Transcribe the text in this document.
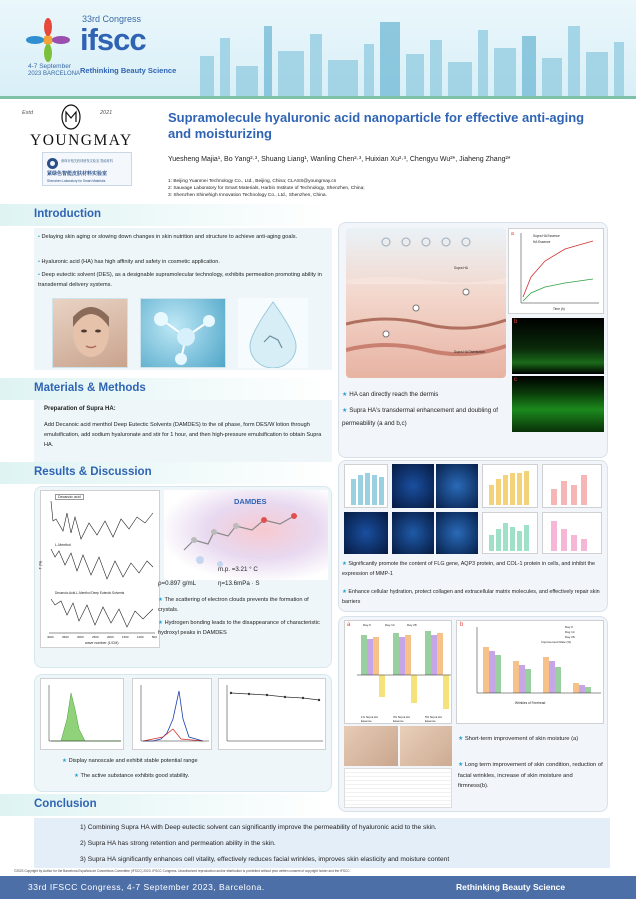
33rd Congress
ifscc
4-7 September
2023 BARCELONA Rethinking Beauty Science
Estd	2021
YOUNGMAY
深圳市相关药材研发实验室 智能材料
紧绿色智能皮肤材料实验室
Shenzhen Laboratory for Smart Materials
Supramolecule hyaluronic acid nanoparticle for effective anti-aging and moisturizing
Yuesheng Majia¹, Bo Yang²·³, Shuang Liang¹, Wanling Chen²·³, Huixian Xu²·³, Chengyu Wu²*, Jiaheng Zhang²*
1: Beijing Yuanmei Technology Co., Ltd., Beijing, China; CLASS@youngmay.cn
2: Sauvage Laboratory for Smart Materials, Harbin Institute of Technology, Shenzhen, China;
3: Shenzhen Shinehigh Innovation Technology Co., Ltd., Shenzhen, China.
Introduction
• Delaying skin aging or slowing down changes in skin nutrition and structure to achieve anti-aging goals.
• Hyaluronic acid (HA) has high affinity and safety in cosmetic application.
• Deep eutectic solvent (DES), as a designable supramolecular technology, exhibits permeation promoting ability in transdermal delivery systems.
Materials & Methods
Preparation of Supra HA:
Add Decanoic acid menthol Deep Eutectic Solvents (DAMDES) to the oil phase, form DES/W lotion through emulsification, add sodium hyaluronate and stir for 1 hour, and then high-pressure emulsification to obtain Supra HA.
Results & Discussion
Decanoic acid
L-Menthol
Decanoic Acid-L-Menthol Deep Eutectic Solvents
T (%)
wave number (1/CM)
4000	3500	3000	2500	2000	1500	1000	500
DAMDES
m.p. =3.21 ° C
ρ=0.897 g/mL	η=13.6mPa · S
★ The scattering of electron clouds prevents the formation of crystals.
★ Hydrogen bonding leads to the disappearance of characteristic hydroxyl peaks in DAMDES
★ Display nanoscale and exhibit stable potential range
★ The active substance exhibits good stability.
Supra HA
Supra HA Distribution
a	Supra HA Essence
HA Essence
Time (h)
b
c
★ HA can directly reach the dermis
★ Supra HA's transdermal enhancement and doubling of permeability (a and b,c)
★ Significantly promote the content of FLG gene, AQP3 protein, and COL-1 protein in cells, and inhibit the expression of MMP-1
★ Enhance cellular hydration, protect collagen and extracellular matrix molecules, and effectively repair skin barriers
a	Day 0	Day 14	Day 28
1% Supra HA Essence
3% Supra HA Essence
5% Supra HA Essence
b	Day 0
Day 14
Day 28
Improvement Rate (%)
Wrinkles of Forehead
★ Short-term improvement of skin moisture (a)
★ Long term improvement of skin condition, reduction of facial wrinkles, increase of skin moisture and firmness(b).
Conclusion
1) Combining Supra HA with Deep eutectic solvent can significantly improve the permeability of hyaluronic acid to the skin.
2) Supra HA has strong retention and permeation ability in the skin.
3) Supra HA significantly enhances cell vitality, effectively reduces facial wrinkles, improves skin elasticity and moisture content
©2023 Copyright by Author for the Barcelona Española de Cosméticos Committee (IFSCC) 2023. IFSCC Congress. Unauthorized reproduction and/or distribution is prohibited without prior written consent of copyright holder and the IFSCC.
33rd IFSCC Congress, 4-7 September 2023, Barcelona.	Rethinking Beauty Science
